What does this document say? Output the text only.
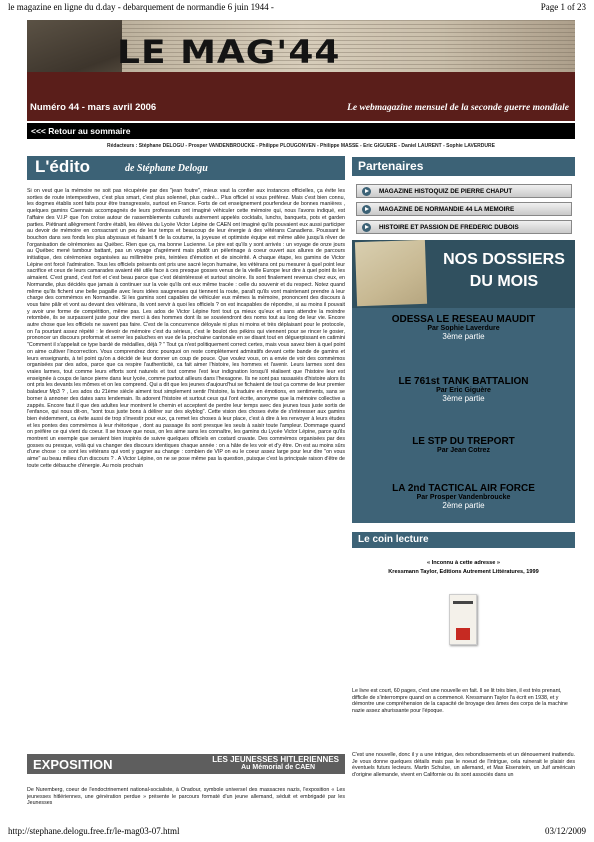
le magazine en ligne du d.day - debarquement de normandie 6 juin 1944 -	Page 1 of 23
LE MAG'44
Numéro 44 - mars avril 2006	Le webmagazine mensuel de la seconde guerre mondiale
<<< Retour au sommaire
Rédacteurs : Stéphane DELOGU - Prosper VANDENBROUCKE - Philippe PLOUGONVEN - Philippe MASSE - Eric GIGUERE - Daniel LAURENT - Sophie LAVERDURE
L'édito	de Stéphane Delogu
Si on veut que la mémoire ne soit pas récupérée par des "jean foutre", mieux vaut la confier aux instances officielles, ça évite les sorties de route intempestives, c'est plus smart, c'est plus solennel, plus cadré... Plus officiel si vous préférez. Mais c'est bien connu, les dogmes établis sont faits pour être transgressés, surtout en France. Forts de cet enseignement pourfendeur de bonnes manières , quelques gamins Caennais accompagnés de leurs professeurs ont imaginé véhiculer cette mémoire qui, nous l'avons indiqué, est l'affaire des V.I.P que l'on croise autour de rassemblements culturels autrement appelés cocktails, lunchs, banquets, pots et garden parties. Piétinant allègrement l'ordre établi, les élèves du Lycée Victor Lépine de CAEN ont imaginé qu'ils pouvaient eux aussi participer au devoir de mémoire en consacrant un peu de leur temps et beaucoup de leur énergie à des vétérans Canadiens. Poussant le bouchon dans ses fonds les plus abyssaux et faisant fi de la coutume, la joyeuse et optimiste équipe est même allée jusqu'à rêver de l'organisation de cérémonies au Québec. Rien que ça, ma bonne Lucienne. Le pire est qu'ils y sont arrivés : un voyage de onze jours au Québec mené tambour battant, pas un voyage d'agrément mais plutôt un pèlerinage à coeur ouvert aux allures de parcours initiatique, des cérémonies organisées au millimètre près, teintées d'émotion et de sincérité. A chaque étape, les gamins de Victor Lépine ont forcé l'admiration. Tous les officiels présents ont pris une sacré leçon humaine, les vétérans ont pu mesurer à quel point leur sacrifice et ceux de leurs camarades avaient été utile face à ces presque gosses venus de la vieille Europe leur dire à quel point ils les aimaient. C'est grand, c'est fort et c'est beau parce que c'est désintéressé et surtout sincère. Ils sont finalement revenus chez eux, en Normandie, plus décidés que jamais à continuer sur la voie qu'ils ont eux même tracée : celle du souvenir et du respect. Notez quand même qu'ils fichent une belle pagaille avec leurs idées saugrenues qui tiennent la route, paraît qu'ils vont maintenant prendre à leur charge des commémos en Normandie. Si les gamins sont capables de véhiculer eux mêmes la mémoire, prononcent des discours à vous faire pâlir et vont au devant des vétérans, ils vont servir à quoi les officiels ? on est incapables de répondre, si au moins il pouvait y avoir une forme de compétition, même pas. Les ados de Victor Lépine font tout ça mieux qu'eux et sans attendre la moindre retombée, ils se surpassent juste pour dire merci à des hommes dont ils se souviendront des noms tout au long de leur vie. Encore autre chose que les officiels ne savent pas faire. C'est de la concurrence déloyale ni plus ni moins et très déplaisant pour le protocole, on l'a pourtant assez répété : le devoir de mémoire c'est du sérieux, c'est le boulot des pékins qui viennent pour se rincer le gosier, prononcer un discours proformat et serrer les paluches en vue de la prochaine cantonale en se disant tout en déguerpissant en catimini "Comment il s'appelait ce type bardé de médailles, déjà ? " Tout ça n'est politiquement correct certes, mais vous savez bien à quel point on aime cultiver l'incorrection. Vous comprendrez donc pourquoi on reste complètement admiratifs devant cette bande de gamins et leurs enseignants, à tel point qu'on a décidé de leur donner un coup de pouce. Que voulez vous, on a envie de voir des commémos organisées par des ados, parce que ca respire l'authenticité, ca fait aimer l'histoire, les hommes et l'avenir. Leurs larmes sont des vraies larmes, tout comme leurs efforts sont naturels et tout comme l'est leur indignation lorsqu'il réalisent que l'histoire leur est enseignée à coups de lance pierre dans leur lycée, comme partout ailleurs dans l'hexagone. Ils ne sont pas rassasiés d'histoire alors ils ont pris les devants les mômes et on les comprend. Qui a dit que les jeunes d'aujourd'hui se fichaient de tout ça comme de leur premier baladeur Mp3 ? , Les ados du 21ème siècle aiment tout simplement sentir l'histoire, la traduire en émotions, en sentiments, sans se borner à annoner des dates sans lendemain. Ils adorent l'histoire et surtout ceux qui l'ont écrite, anonyme que la mémoire collective a zappés. Encore faut il que des adultes leur montrent le chemin et acceptent de perdre leur temps avec des jeunes tous juste sortis de l'enfance, qui nous dit-on, "sont tous juste bons à délirer sur des skyblog". Cette vision des choses évite de s'intéresser aux gamins bien évidemment, ca évite aussi de trop s'investir pour eux, ça remet les choses à leur place, c'est à dire à les renvoyer à leurs études et les pontes des commémos à leur rhétorique , dont au passage ils sont presque les seuls à saisir toute l'ampleur. Dommage quand on préfère ce qui vient du coeur. Il se trouve que nous, on les aime sans les connaître, les gamins du Lycée Victor Lépine, parce qu'ils montrent un exemple que seraient bien inspirés de suivre quelques officiels en costard cravate. Des commémos organisées par des gosses ou presque, voilà qui va changer des discours identiques chaque année : on a hâte de les voir et d'y être. On est au moins sûrs d'une chose : ce sont les vétérans qui vont y gagner au change : combien de VIP on eu le coeur assez large pour leur dire "on vous aime" au beau milieu d'un discours ? . A Victor Lépine, on ne se pose même pas la question, puisque c'est la principale raison d'être de toute cette débauche d'énergie. Au mois prochain
EXPOSITION	LES JEUNESSES HITLERIENNES
Au Mémorial de CAEN
De Nuremberg, coeur de l'endoctrinement national-socialiste, à Oradour, symbole universel des massacres nazis, l'exposition « Les jeunesses hitlériennes, une génération perdue » présente le parcours formaté d'un jeune allemand, séduit et embrigadé par les Jeunesses
Partenaires
MAGAZINE HISTOQUIZ DE PIERRE CHAPUT
MAGAZINE DE NORMANDIE 44 LA MEMOIRE
HISTOIRE ET PASSION DE FREDERIC DUBOIS
NOS DOSSIERS
DU MOIS
ODESSA LE RESEAU MAUDIT
Par Sophie Laverdure
3ème partie
LE 761st TANK BATTALION
Par Eric Giguère
3ème partie
LE STP DU TREPORT
Par Jean Cotrez
LA 2nd TACTICAL AIR FORCE
Par Prosper Vandenbroucke
2ème partie
Le coin lecture
« Inconnu à cette adresse »
Kressmann Taylor, Editions Autrement Littératures, 1999
Le livre est court, 60 pages, c'est une nouvelle en fait. Il se lit très bien, il est très prenant, difficile de s'interrompre quand on a commencé. Kressmann Taylor l'a écrit en 1938, et y démontre une compréhension de la capacité de broyage des âmes des corps de la machine nazie assez ahurissante pour l'époque.
C'est une nouvelle, donc il y a une intrigue, des rebondissements et un dénouement inattendu. Je vous donne quelques détails mais pas le noeud de l'intrigue, cela ruinerait le plaisir des éventuels futurs lecteurs. Martin Schulse, un allemand, et Max Eisenstein, un Juif américain d'origine allemande, vivent en Californie ou ils sont associés dans un
http://stephane.delogu.free.fr/le-mag03-07.html	03/12/2009
